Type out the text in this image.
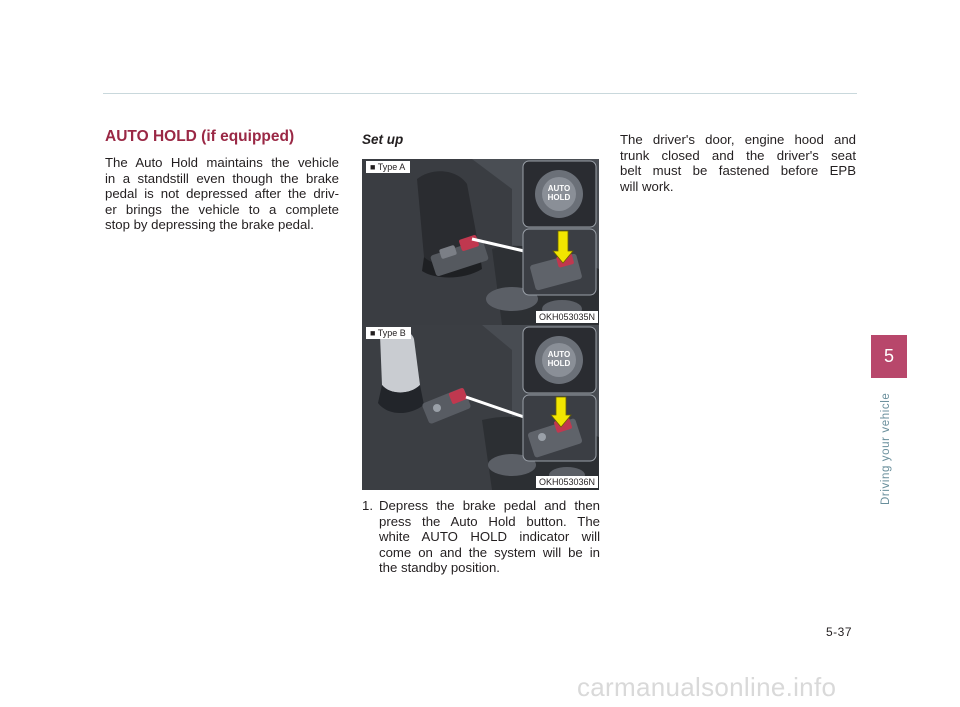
AUTO HOLD (if equipped)
The Auto Hold maintains the vehicle
in a standstill even though the brake
pedal is not depressed after the driv-
er brings the vehicle to a complete
stop by depressing the brake pedal.
Set up
AUTO
HOLD
■ Type A
OKH053035N
AUTO
HOLD
■ Type B
OKH053036N
1. Depress the brake pedal and then
press the Auto Hold button. The
white AUTO HOLD indicator will
come on and the system will be in
the standby position.
The driver's door, engine hood and
trunk closed and the driver's seat
belt must be fastened before EPB
will work.
5
Driving your vehicle
5-37
carmanualsonline.info
